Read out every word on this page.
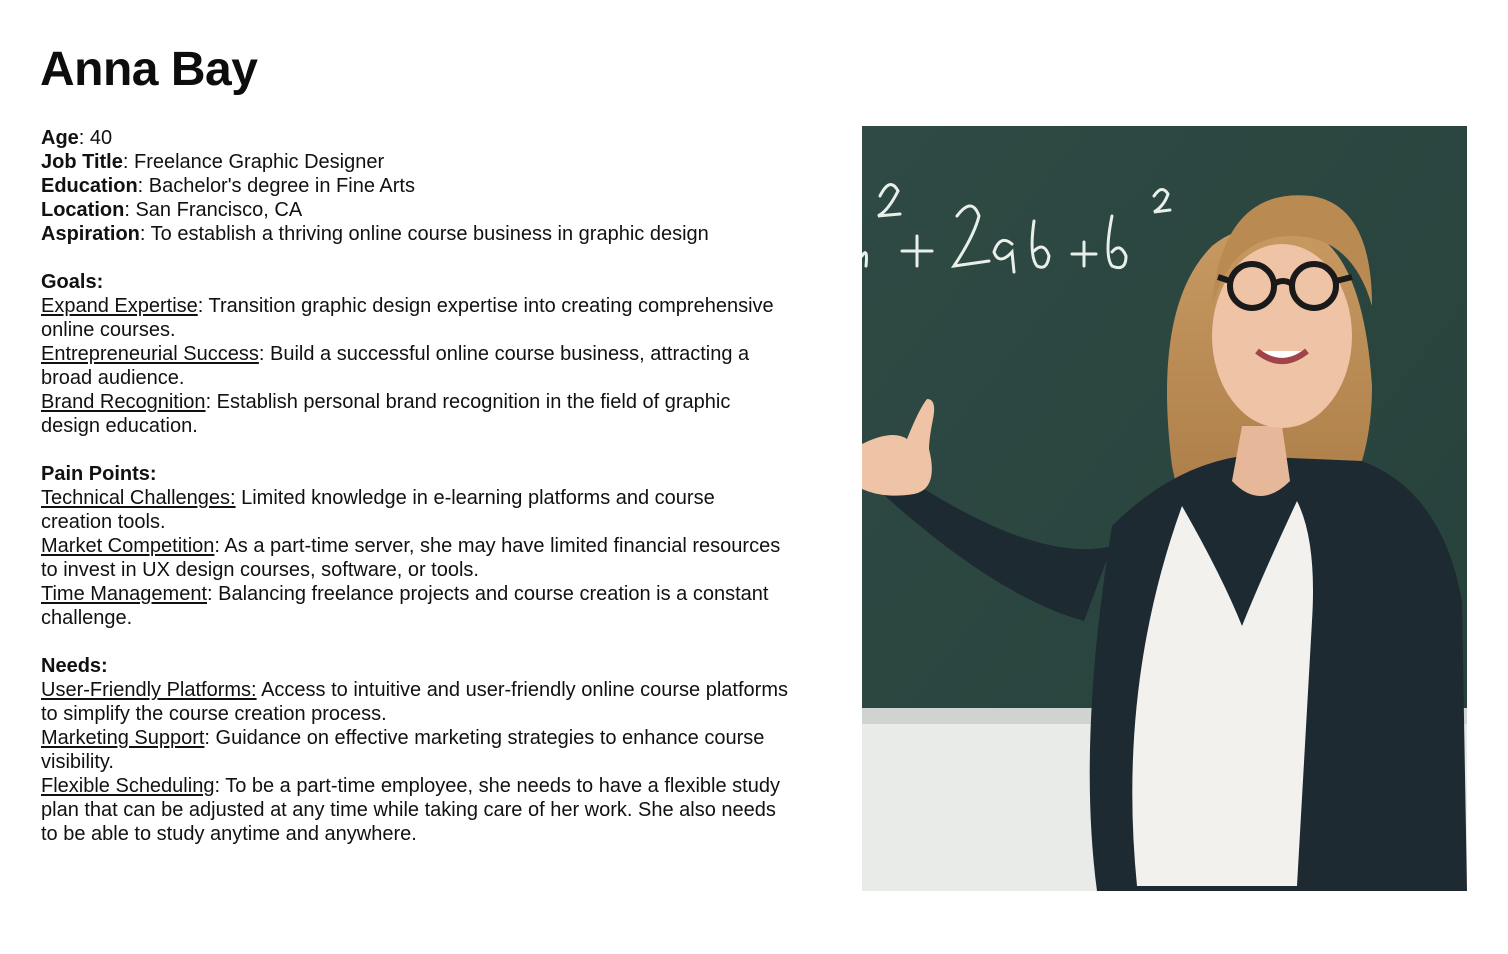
Anna Bay

Age: 40

Job Title: Freelance Graphic Designer

Education: Bachelor's degree in Fine Arts

Location: San Francisco, CA

Aspiration: To establish a thriving online course business in graphic design

Goals:

Expand Expertise: Transition graphic design expertise into creating comprehensive

online courses.

Entrepreneurial Success: Build a successful online course business, attracting a

broad audience.

Brand Recognition: Establish personal brand recognition in the field of graphic

design education.

Pain Points:

Technical Challenges: Limited knowledge in e-learning platforms and course

creation tools.

Market Competition: As a part-time server, she may have limited financial resources

to invest in UX design courses, software, or tools.

Time Management: Balancing freelance projects and course creation is a constant

challenge.

Needs:

User-Friendly Platforms: Access to intuitive and user-friendly online course platforms

to simplify the course creation process.

Marketing Support: Guidance on effective marketing strategies to enhance course

visibility.

Flexible Scheduling: To be a part-time employee, she needs to have a flexible study

plan that can be adjusted at any time while taking care of her work. She also needs

to be able to study anytime and anywhere.
